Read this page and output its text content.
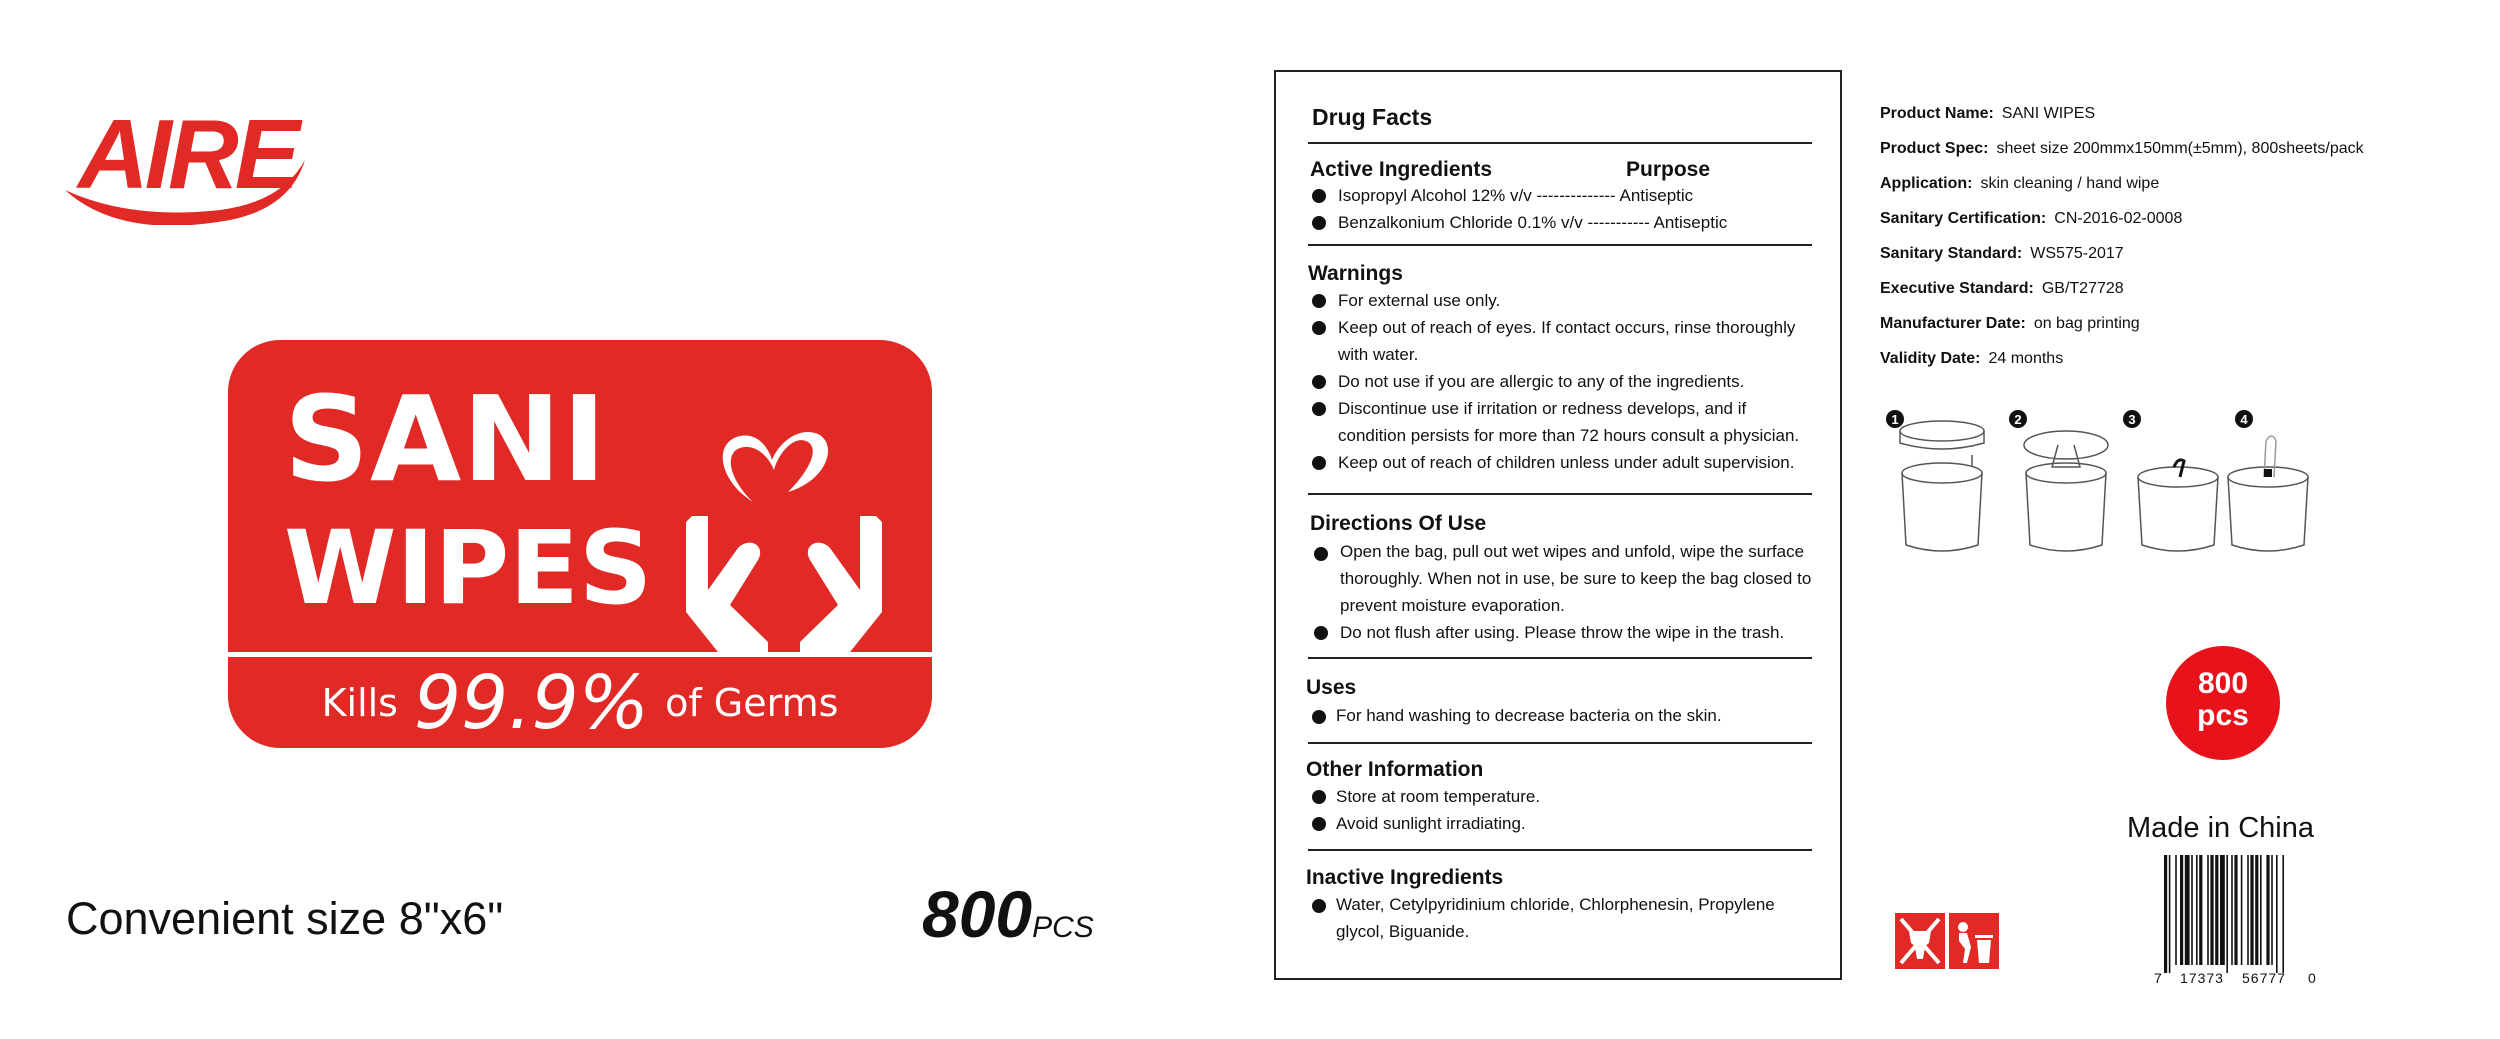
AIRE
SANI
WIPES
Kills 99.9% of Germs
Convenient size 8"x6"	800PCS
Drug Facts
Active Ingredients	Purpose
Isopropyl Alcohol 12% v/v -------------- Antiseptic
Benzalkonium Chloride 0.1% v/v ----------- Antiseptic
Warnings
For external use only.
Keep out of reach of eyes. If contact occurs, rinse thoroughly
with water.
Do not use if you are allergic to any of the ingredients.
Discontinue use if irritation or redness develops, and if
condition persists for more than 72 hours consult a physician.
Keep out of reach of children unless under adult supervision.
Directions Of Use
Open the bag, pull out wet wipes and unfold, wipe the surface
thoroughly. When not in use, be sure to keep the bag closed to
prevent moisture evaporation.
Do not flush after using. Please throw the wipe in the trash.
Uses
For hand washing to decrease bacteria on the skin.
Other Information
Store at room temperature.
Avoid sunlight irradiating.
Inactive Ingredients
Water, Cetylpyridinium chloride, Chlorphenesin, Propylene
glycol, Biguanide.
Product Name: SANI WIPES
Product Spec: sheet size 200mmx150mm(±5mm), 800sheets/pack
Application: skin cleaning / hand wipe
Sanitary Certification: CN-2016-02-0008
Sanitary Standard: WS575-2017
Executive Standard: GB/T27728
Manufacturer Date: on bag printing
Validity Date: 24 months
1	2	3	4
800
pcs
Made in China
7 17373 56777 0
